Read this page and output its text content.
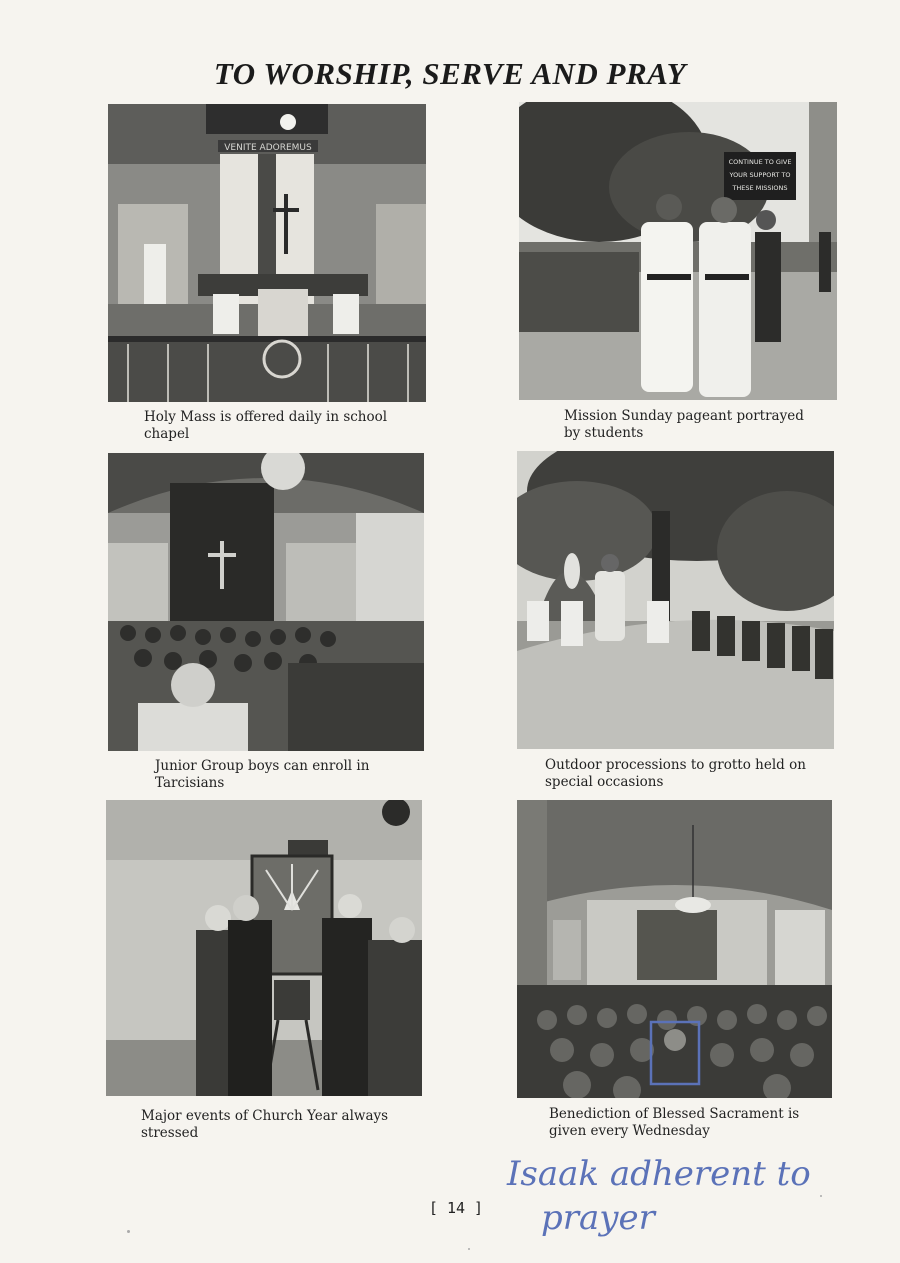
TO WORSHIP, SERVE AND PRAY
VENITE ADOREMUS
Holy Mass is offered daily in school
chapel
CONTINUE TO GIVE
YOUR SUPPORT TO
THESE MISSIONS
Mission Sunday pageant portrayed
by students
Junior Group boys can enroll in
Tarcisians
Outdoor processions to grotto held on
special occasions
Major events of Church Year always
stressed
Benediction of Blessed Sacrament is
given every Wednesday
Isaak adherent to
prayer
[ 14 ]
